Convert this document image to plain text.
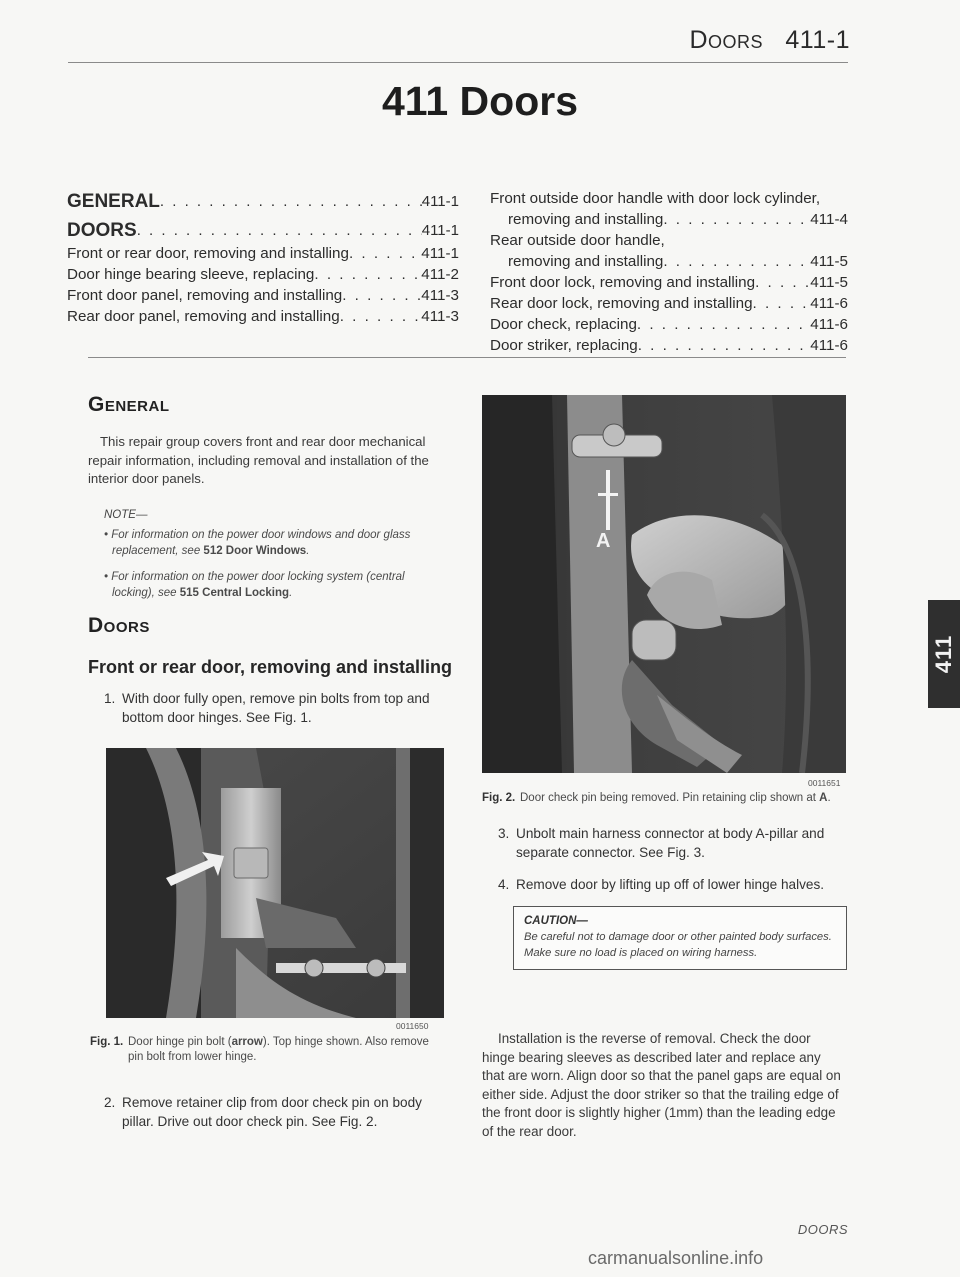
Doors 411-1
411 Doors
GENERAL . . .	411-1
DOORS . . .	411-1
Front or rear door, removing and installing . . .	411-1
Door hinge bearing sleeve, replacing . . .	411-2
Front door panel, removing and installing . . .	411-3
Rear door panel, removing and installing . . .	411-3
Front outside door handle with door lock cylinder,
removing and installing . . .	411-4
Rear outside door handle,
removing and installing . . .	411-5
Front door lock, removing and installing . . .	411-5
Rear door lock, removing and installing . . .	411-6
Door check, replacing . . .	411-6
Door striker, replacing . . .	411-6
General
This repair group covers front and rear door mechanical repair information, including removal and installation of the interior door panels.
NOTE—
• For information on the power door windows and door glass replacement, see 512 Door Windows.
• For information on the power door locking system (central locking), see 515 Central Locking.
Doors
Front or rear door, removing and installing
1. With door fully open, remove pin bolts from top and bottom door hinges. See Fig. 1.
0011650
Fig. 1. Door hinge pin bolt (arrow). Top hinge shown. Also remove pin bolt from lower hinge.
2. Remove retainer clip from door check pin on body pillar. Drive out door check pin. See Fig. 2.
A
0011651
Fig. 2. Door check pin being removed. Pin retaining clip shown at A.
3. Unbolt main harness connector at body A-pillar and separate connector. See Fig. 3.
4. Remove door by lifting up off of lower hinge halves.
CAUTION—
Be careful not to damage door or other painted body surfaces. Make sure no load is placed on wiring harness.
Installation is the reverse of removal. Check the door hinge bearing sleeves as described later and replace any that are worn. Align door so that the panel gaps are equal on either side. Adjust the door striker so that the trailing edge of the front door is slightly higher (1mm) than the leading edge of the rear door.
411
DOORS
carmanualsonline.info
